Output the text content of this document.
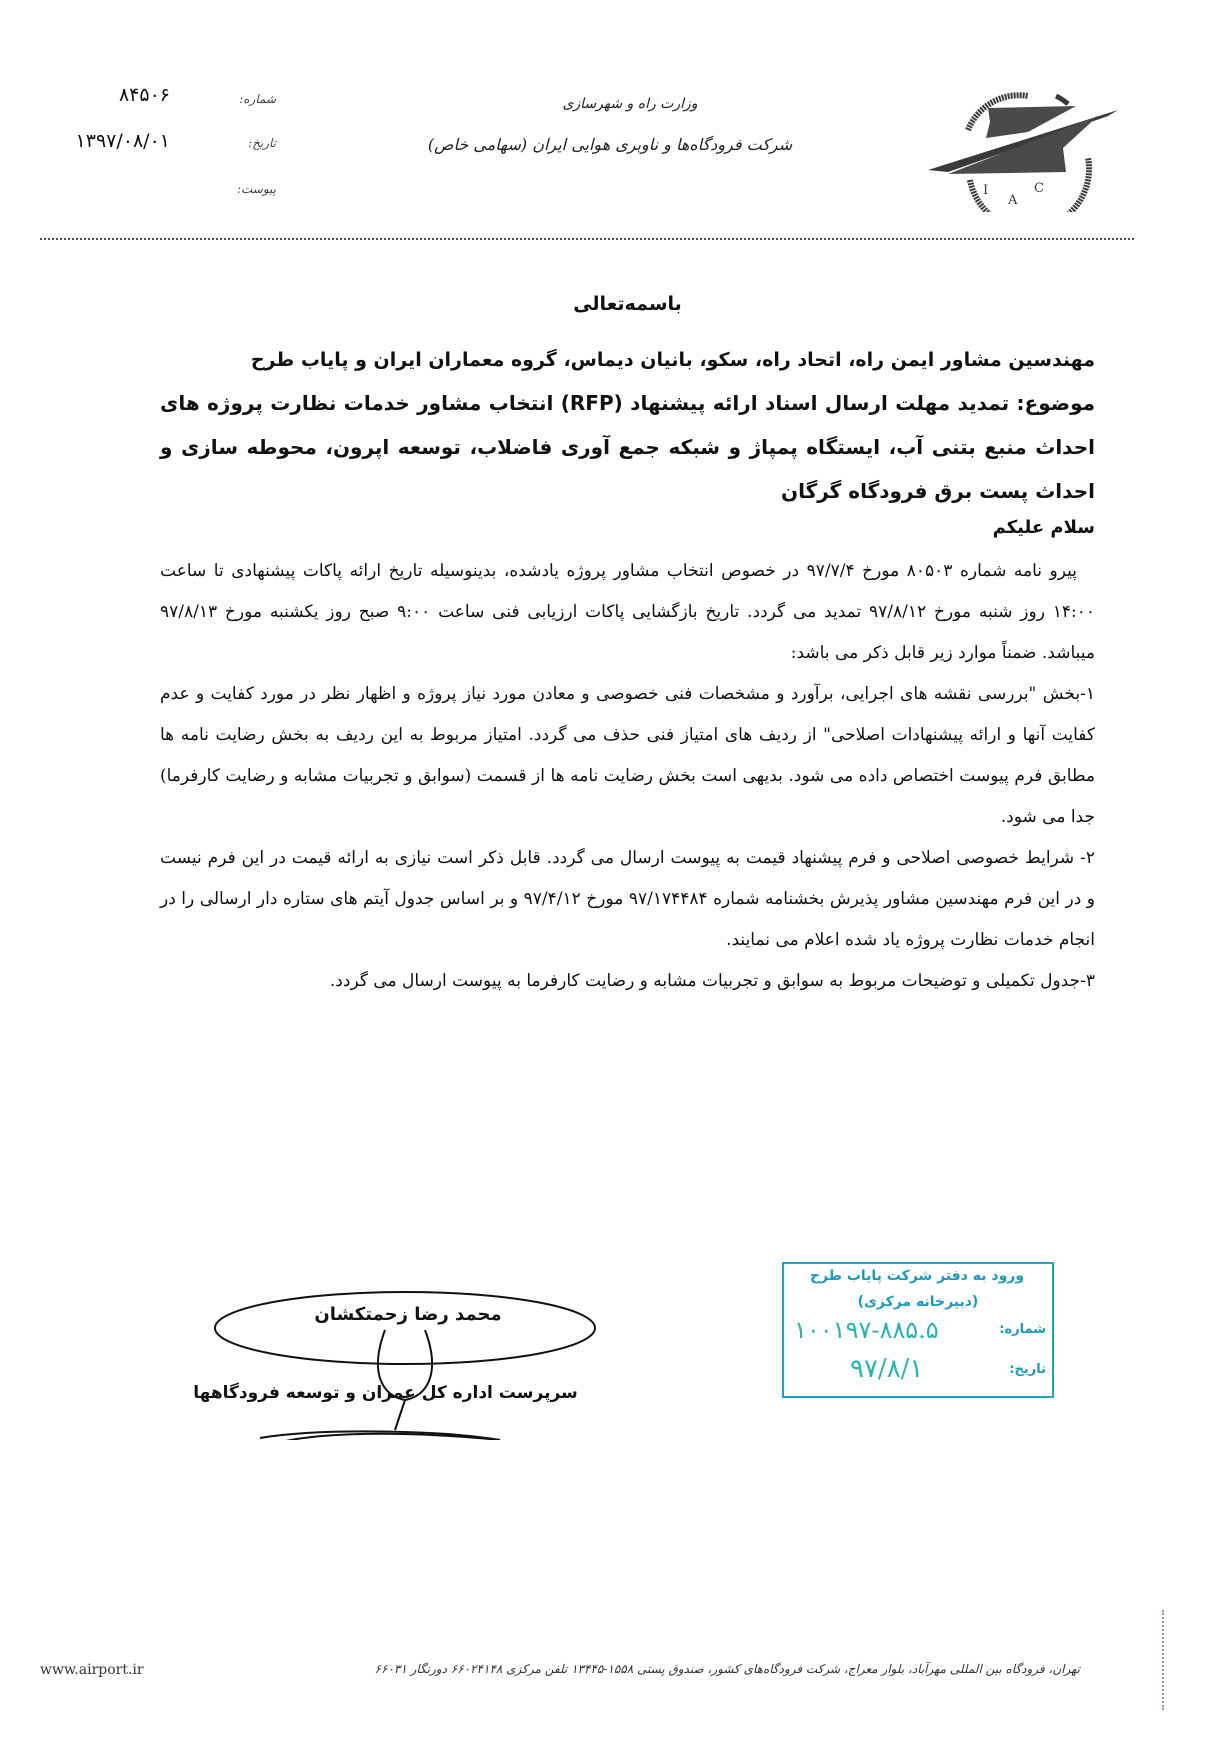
۸۴۵۰۶
۱۳۹۷/۰۸/۰۱
شماره:
تاریخ:
پیوست:
وزارت راه و شهرسازی
شرکت فرودگاه‌ها و ناوبری هوایی ایران (سهامی خاص)
I
A
C

باسمه‌تعالی

مهندسین مشاور ایمن راه، اتحاد راه، سکو، بانیان دیماس، گروه معماران ایران و پایاب طرح

موضوع: تمدید مهلت ارسال اسناد ارائه پیشنهاد (RFP) انتخاب مشاور خدمات نظارت پروژه های احداث منبع بتنی آب، ایستگاه پمپاژ و شبکه جمع آوری فاضلاب، توسعه اپرون، محوطه سازی و احداث پست برق فرودگاه گرگان

سلام علیکم

پیرو نامه شماره ۸۰۵۰۳ مورخ ۹۷/۷/۴ در خصوص انتخاب مشاور پروژه یادشده، بدینوسیله تاریخ ارائه پاکات پیشنهادی تا ساعت ۱۴:۰۰ روز شنبه مورخ ۹۷/۸/۱۲ تمدید می گردد. تاریخ بازگشایی پاکات ارزیابی فنی ساعت ۹:۰۰ صبح روز یکشنبه مورخ ۹۷/۸/۱۳ میباشد. ضمناً موارد زیر قابل ذکر می باشد:

۱-بخش "بررسی نقشه های اجرایی، برآورد و مشخصات فنی خصوصی و معادن مورد نیاز پروژه و اظهار نظر در مورد کفایت و عدم کفایت آنها و ارائه پیشنهادات اصلاحی" از ردیف های امتیاز فنی حذف می گردد. امتیاز مربوط به این ردیف به بخش رضایت نامه ها مطابق فرم پیوست اختصاص داده می شود. بدیهی است بخش رضایت نامه ها از قسمت (سوابق و تجربیات مشابه و رضایت کارفرما) جدا می شود.

۲- شرایط خصوصی اصلاحی و فرم پیشنهاد قیمت به پیوست ارسال می گردد. قابل ذکر است نیازی به ارائه قیمت در این فرم نیست و در این فرم مهندسین مشاور پذیرش بخشنامه شماره ۹۷/۱۷۴۴۸۴ مورخ ۹۷/۴/۱۲ و بر اساس جدول آیتم های ستاره دار ارسالی را در انجام خدمات نظارت پروژه یاد شده اعلام می نمایند.

۳-جدول تکمیلی و توضیحات مربوط به سوابق و تجربیات مشابه و رضایت کارفرما به پیوست ارسال می گردد.

محمد رضا زحمتکشان
سرپرست اداره کل عمران و توسعه فرودگاهها
ورود به دفتر شرکت پایاب طرح
(دبیرخانه مرکزی)
شماره:
۱۰۰۱۹۷-۸۸۵.۵
تاریخ:
۹۷/۸/۱
تهران، فرودگاه بین المللی مهرآباد، بلوار معراج، شرکت فرودگاه‌های کشور، صندوق پستی ۱۵۵۸-۱۳۴۴۵ تلفن مرکزی ۶۶۰۲۴۱۴۸ دورنگار ۶۶۰۳۱
www.airport.ir
